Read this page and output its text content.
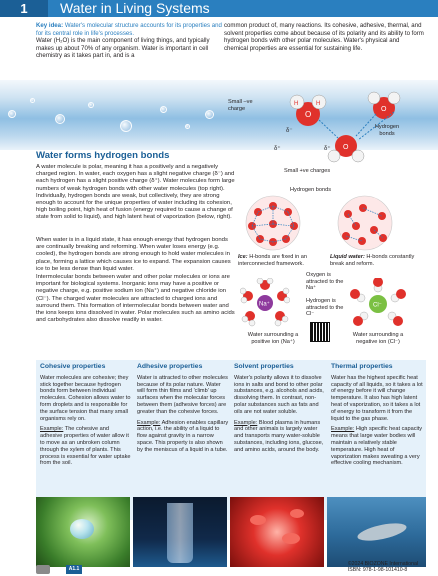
1	Water in Living Systems
Key idea: Water's molecular structure accounts for its properties and for its central role in life's processes.
Water (H₂O) is the main component of living things, and typically makes up about 70% of any organism. Water is important in cell chemistry as it takes part in, and is a
common product of, many reactions. Its cohesive, adhesive, thermal, and solvent properties come about because of its polarity and its ability to form hydrogen bonds with other polar molecules. Water's physical and chemical properties are essential for sustaining life.
O
H	H
O
O
δ⁻
δ⁺	δ⁺
Small –ve
charge
Hydrogen
bonds
Small +ve charges
Water forms hydrogen bonds
A water molecule is polar, meaning it has a positively and a negatively charged region. In water, each oxygen has a slight negative charge (δ⁻) and each hydrogen has a slight positive charge (δ⁺). Water molecules form large numbers of weak hydrogen bonds with other water molecules (top right). Individually, hydrogen bonds are weak, but collectively, they are strong enough to account for the unique properties of water including its cohesion, high boiling point, high heat of fusion (energy required to cause a change of state from solid to liquid), and high latent heat of vaporization (below, right).
When water is in a liquid state, it has enough energy that hydrogen bonds are continually breaking and reforming. When water loses energy (e.g. cooled), the hydrogen bonds are strong enough to hold water molecules in place, forming a lattice which causes ice to expand. The expansion causes ice to be less dense than liquid water.
Intermolecular bonds between water and other polar molecules or ions are important for biological systems. Inorganic ions may have a positive or negative charge, e.g. positive sodium ion (Na⁺) and negative chloride ion (Cl⁻). The charged water molecules are attracted to charged ions and surround them. This formation of intermolecular bonds between water and the ions keeps ions dissolved in water. Polar molecules such as amino acids and carbohydrates also dissolve readily in water.
Hydrogen bonds
Ice: H-bonds are fixed in an interconnected framework.
Liquid water: H-bonds constantly break and reform.
Na⁺	Cl⁻
Oxygen is attracted to the Na⁺
Hydrogen is attracted to the Cl⁻
Water surrounding a positive ion (Na⁺)
Water surrounding a negative ion (Cl⁻)
Cohesive properties
Water molecules are cohesive; they stick together because hydrogen bonds form between individual molecules. Cohesion allows water to form droplets and is responsible for the surface tension that many small organisms rely on.
Example: The cohesive and adhesive properties of water allow it to move as an unbroken column through the xylem of plants. This process is essential for water uptake from the soil.
Adhesive properties
Water is attracted to other molecules because of its polar nature. Water will form thin films and 'climb' up surfaces when the molecular forces between them (adhesive forces) are greater than the cohesive forces.
Example: Adhesion enables capillary action, i.e. the ability of a liquid to flow against gravity in a narrow space. This property is also shown by the meniscus of a liquid in a tube.
Solvent properties
Water's polarity allows it to dissolve ions in salts and bond to other polar substances, e.g. alcohols and acids, dissolving them. In contrast, non-polar substances such as fats and oils are not water soluble.
Example: Blood plasma in humans and other animals is largely water and transports many water-soluble substances, including ions, glucose, and amino acids, around the body.
Thermal properties
Water has the highest specific heat capacity of all liquids, so it takes a lot of energy before it will change temperature. It also has high latent heat of vaporization, so it takes a lot of energy to transform it from the liquid to the gas phase.
Example: High specific heat capacity means that large water bodies will maintain a relatively stable temperature. High heat of vaporization makes sweating a very effective cooling mechanism.
A1.1
©2024 BIOZONE International
ISBN: 978-1-98-101410-8
